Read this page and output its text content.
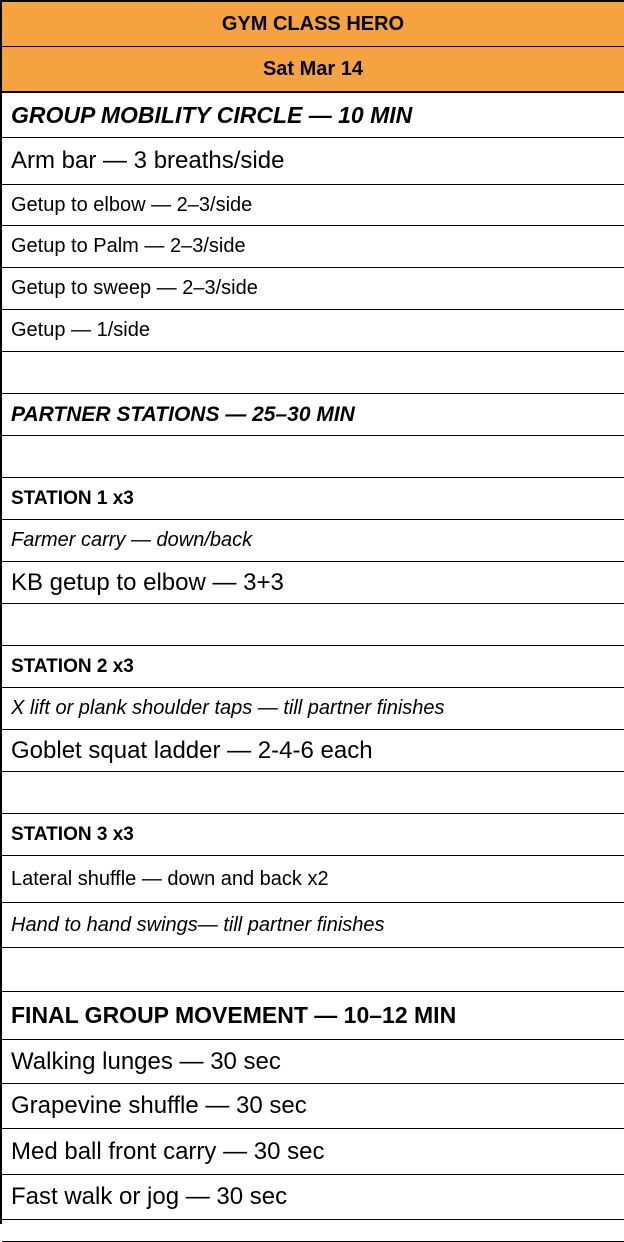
GYM CLASS HERO
Sat Mar 14
GROUP MOBILITY CIRCLE — 10 MIN
Arm bar — 3 breaths/side
Getup to elbow — 2–3/side
Getup to Palm — 2–3/side
Getup to sweep — 2–3/side
Getup — 1/side
PARTNER STATIONS — 25–30 MIN
STATION 1 x3
Farmer carry — down/back
KB getup to elbow — 3+3
STATION 2 x3
X lift or plank shoulder taps — till partner finishes
Goblet squat ladder — 2-4-6 each
STATION 3 x3
Lateral shuffle — down and back x2
Hand to hand swings— till partner finishes
FINAL GROUP MOVEMENT — 10–12 MIN
Walking lunges — 30 sec
Grapevine shuffle — 30 sec
Med ball front carry — 30 sec
Fast walk or jog — 30 sec
